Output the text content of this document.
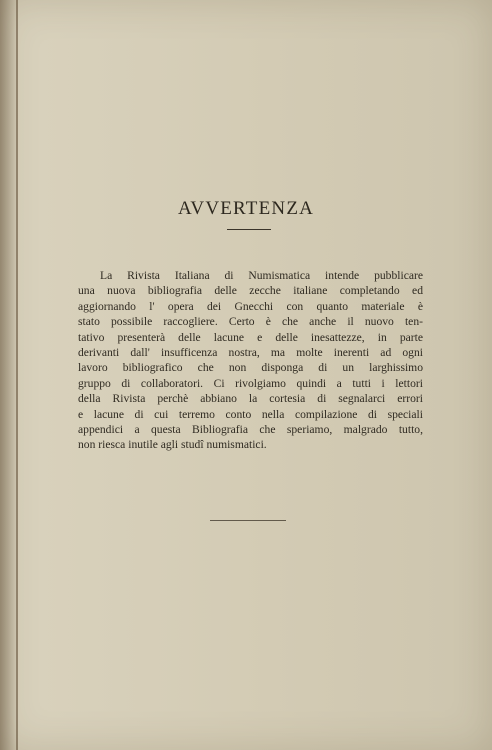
AVVERTENZA
La Rivista Italiana di Numismatica intende pubblicare
una nuova bibliografia delle zecche italiane completando ed
aggiornando l' opera dei Gnecchi con quanto materiale è
stato possibile raccogliere. Certo è che anche il nuovo ten-
tativo presenterà delle lacune e delle inesattezze, in parte
derivanti dall' insufficenza nostra, ma molte inerenti ad ogni
lavoro bibliografico che non disponga di un larghissimo
gruppo di collaboratori. Ci rivolgiamo quindi a tutti i lettori
della Rivista perchè abbiano la cortesia di segnalarci errori
e lacune di cui terremo conto nella compilazione di speciali
appendici a questa Bibliografia che speriamo, malgrado tutto,
non riesca inutile agli studî numismatici.
